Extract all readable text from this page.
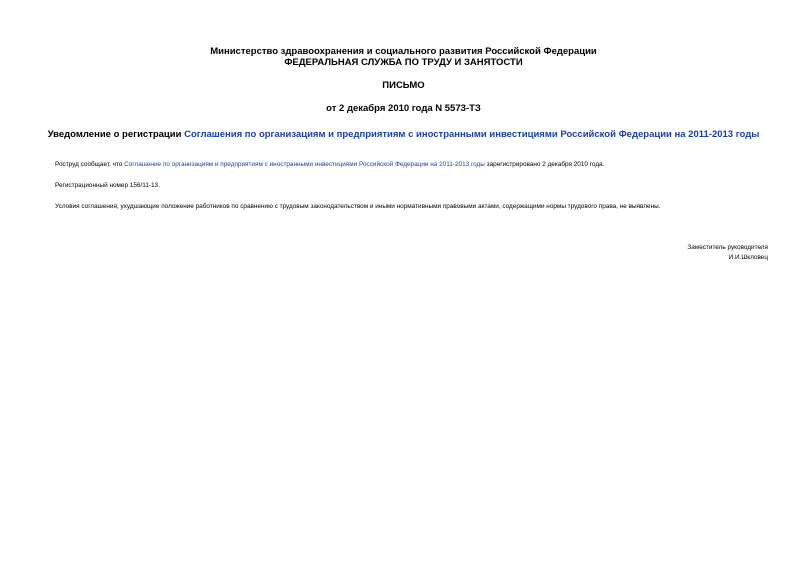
Министерство здравоохранения и социального развития Российской Федерации
ФЕДЕРАЛЬНАЯ СЛУЖБА ПО ТРУДУ И ЗАНЯТОСТИ
ПИСЬМО
от 2 декабря 2010 года N 5573-ТЗ
Уведомление о регистрации Соглашения по организациям и предприятиям с иностранными инвестициями Российской Федерации на 2011-2013 годы
Роструд сообщает, что Соглашение по организациям и предприятиям с иностранными инвестициями Российской Федерации на 2011-2013 годы зарегистрировано 2 декабря 2010 года.
Регистрационный номер 156/11-13.
Условия соглашения, ухудшающие положение работников по сравнению с трудовым законодательством и иными нормативными правовыми актами, содержащими нормы трудового права, не выявлены.
Заместитель руководителя
И.И.Шкловец
